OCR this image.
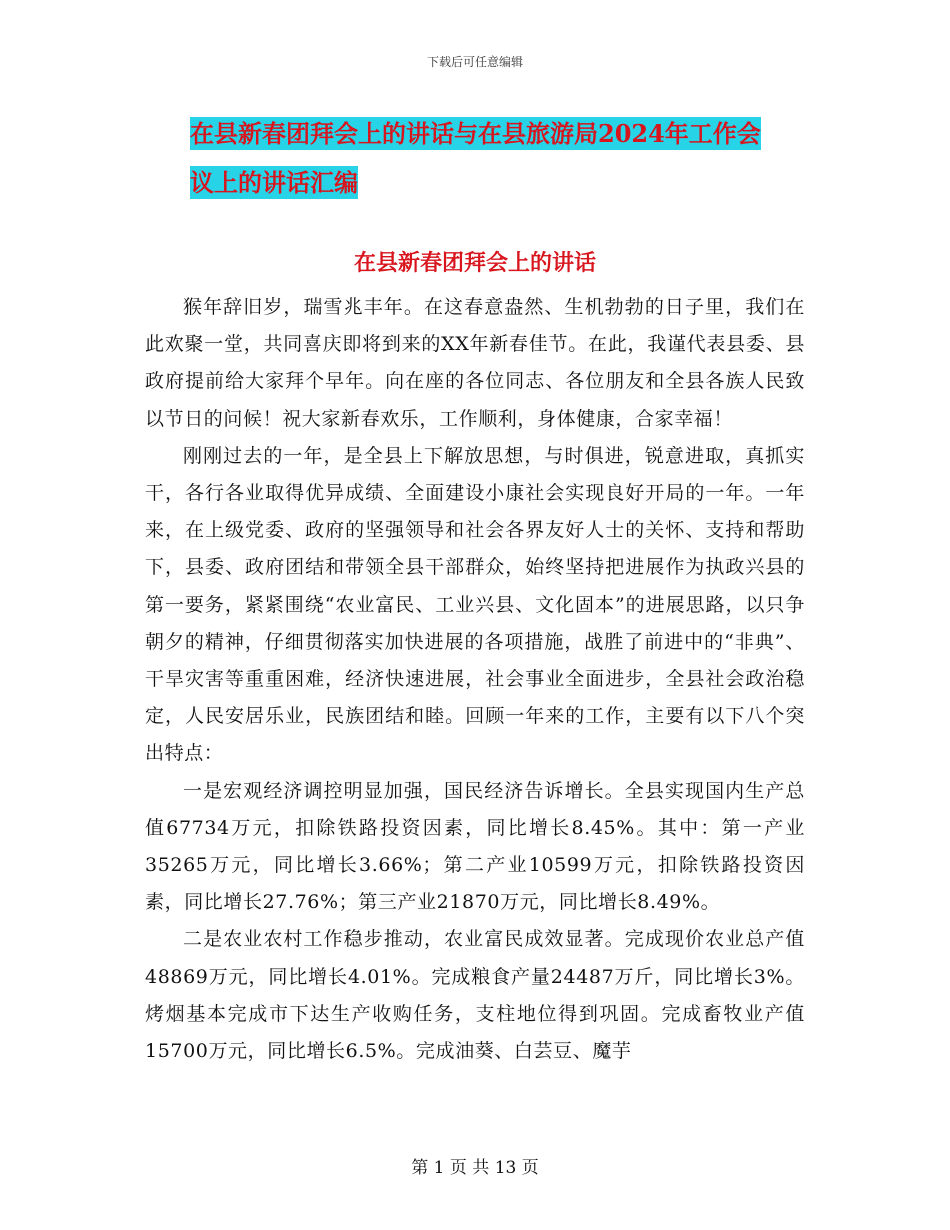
下载后可任意编辑
在县新春团拜会上的讲话与在县旅游局2024年工作会
议上的讲话汇编
在县新春团拜会上的讲话

猴年辞旧岁，瑞雪兆丰年。在这春意盎然、生机勃勃的日子里，我们在此欢聚一堂，共同喜庆即将到来的XX年新春佳节。在此，我谨代表县委、县政府提前给大家拜个早年。向在座的各位同志、各位朋友和全县各族人民致以节日的问候！祝大家新春欢乐，工作顺利，身体健康，合家幸福！

刚刚过去的一年，是全县上下解放思想，与时俱进，锐意进取，真抓实干，各行各业取得优异成绩、全面建设小康社会实现良好开局的一年。一年来，在上级党委、政府的坚强领导和社会各界友好人士的关怀、支持和帮助下，县委、政府团结和带领全县干部群众，始终坚持把进展作为执政兴县的第一要务，紧紧围绕“农业富民、工业兴县、文化固本”的进展思路，以只争朝夕的精神，仔细贯彻落实加快进展的各项措施，战胜了前进中的“非典”、干旱灾害等重重困难，经济快速进展，社会事业全面进步，全县社会政治稳定，人民安居乐业，民族团结和睦。回顾一年来的工作，主要有以下八个突出特点：

一是宏观经济调控明显加强，国民经济告诉增长。全县实现国内生产总值67734万元，扣除铁路投资因素，同比增长8.45%。其中：第一产业35265万元，同比增长3.66%；第二产业10599万元，扣除铁路投资因素，同比增长27.76%；第三产业21870万元，同比增长8.49%。

二是农业农村工作稳步推动，农业富民成效显著。完成现价农业总产值48869万元，同比增长4.01%。完成粮食产量24487万斤，同比增长3%。烤烟基本完成市下达生产收购任务，支柱地位得到巩固。完成畜牧业产值15700万元，同比增长6.5%。完成油葵、白芸豆、魔芋

第 1 页 共 13 页
